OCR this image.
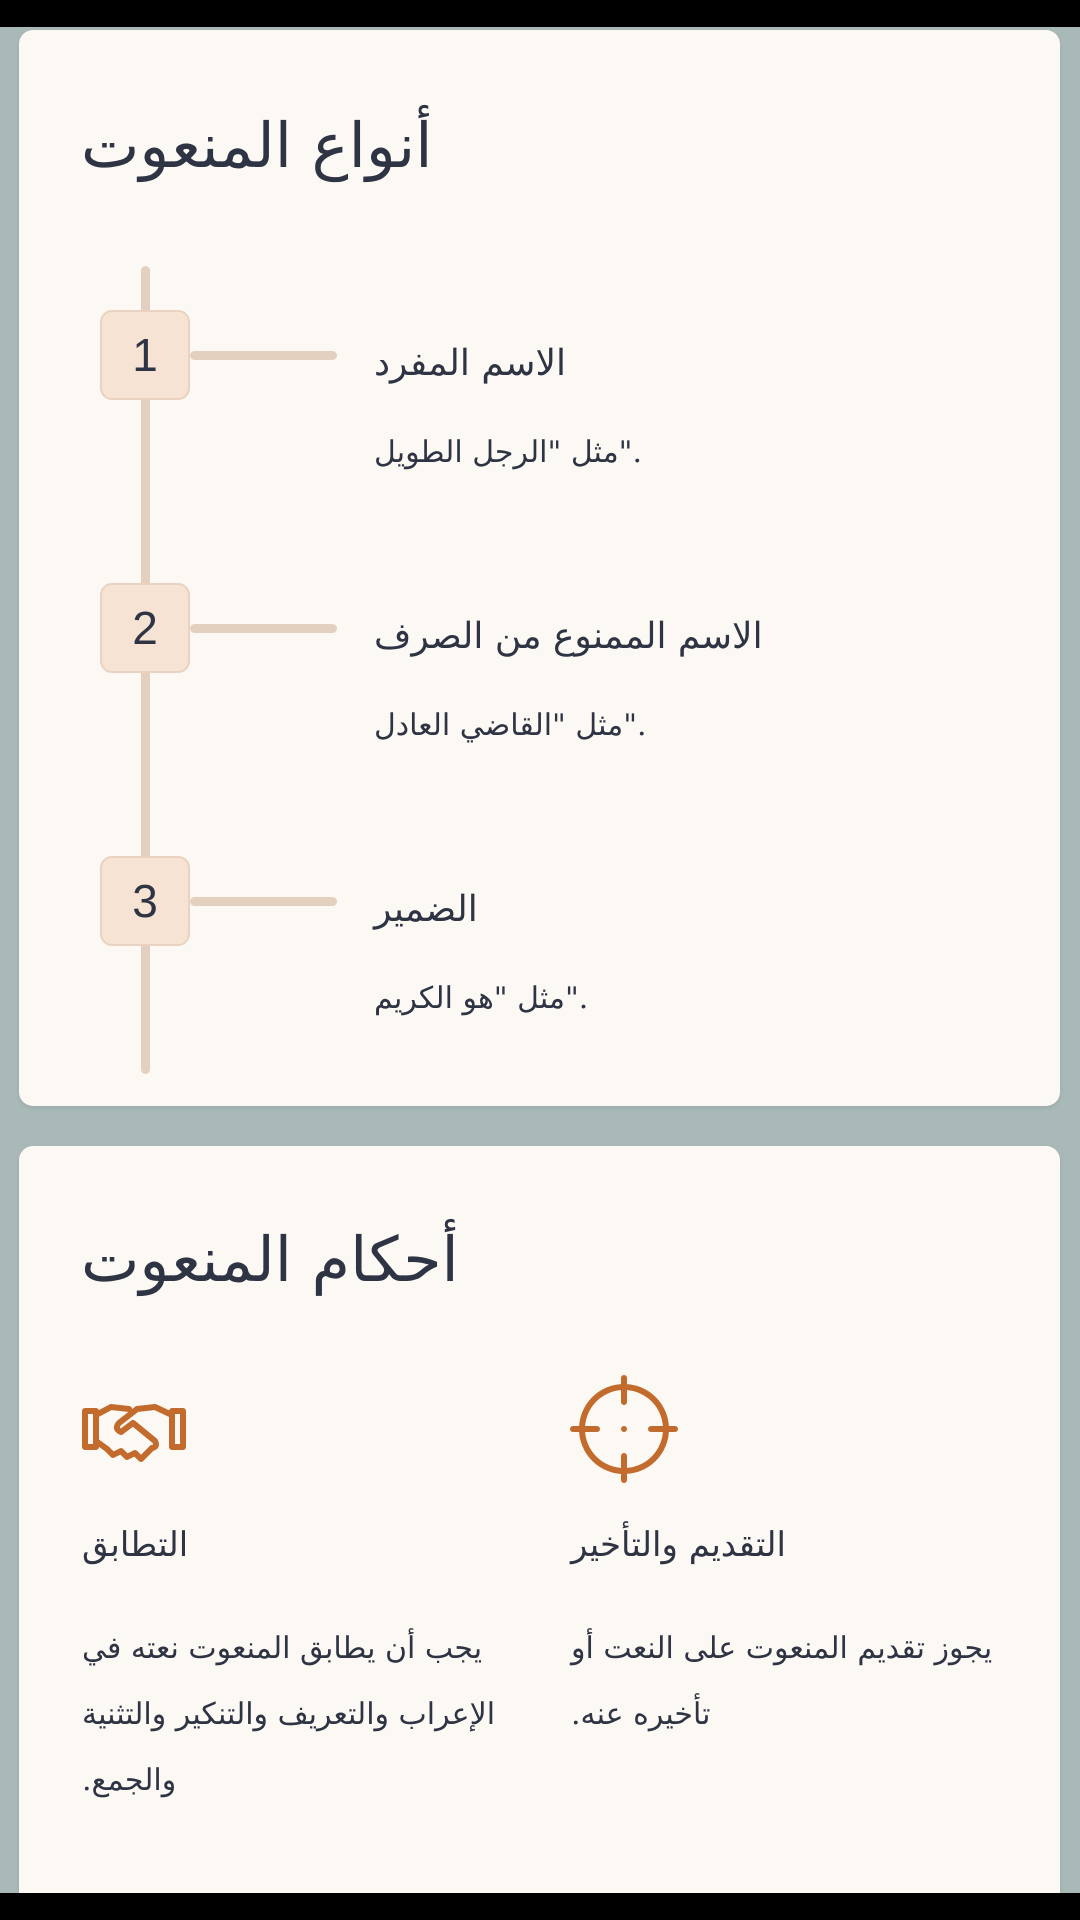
أنواع المنعوت
1	الاسم المفرد
مثل "الرجل الطويل".
2	الاسم الممنوع من الصرف
مثل "القاضي العادل".
3	الضمير
مثل "هو الكريم".
أحكام المنعوت
التطابق
يجب أن يطابق المنعوت نعته في الإعراب والتعريف والتنكير والتثنية والجمع.
التقديم والتأخير
يجوز تقديم المنعوت على النعت أو تأخيره عنه.
